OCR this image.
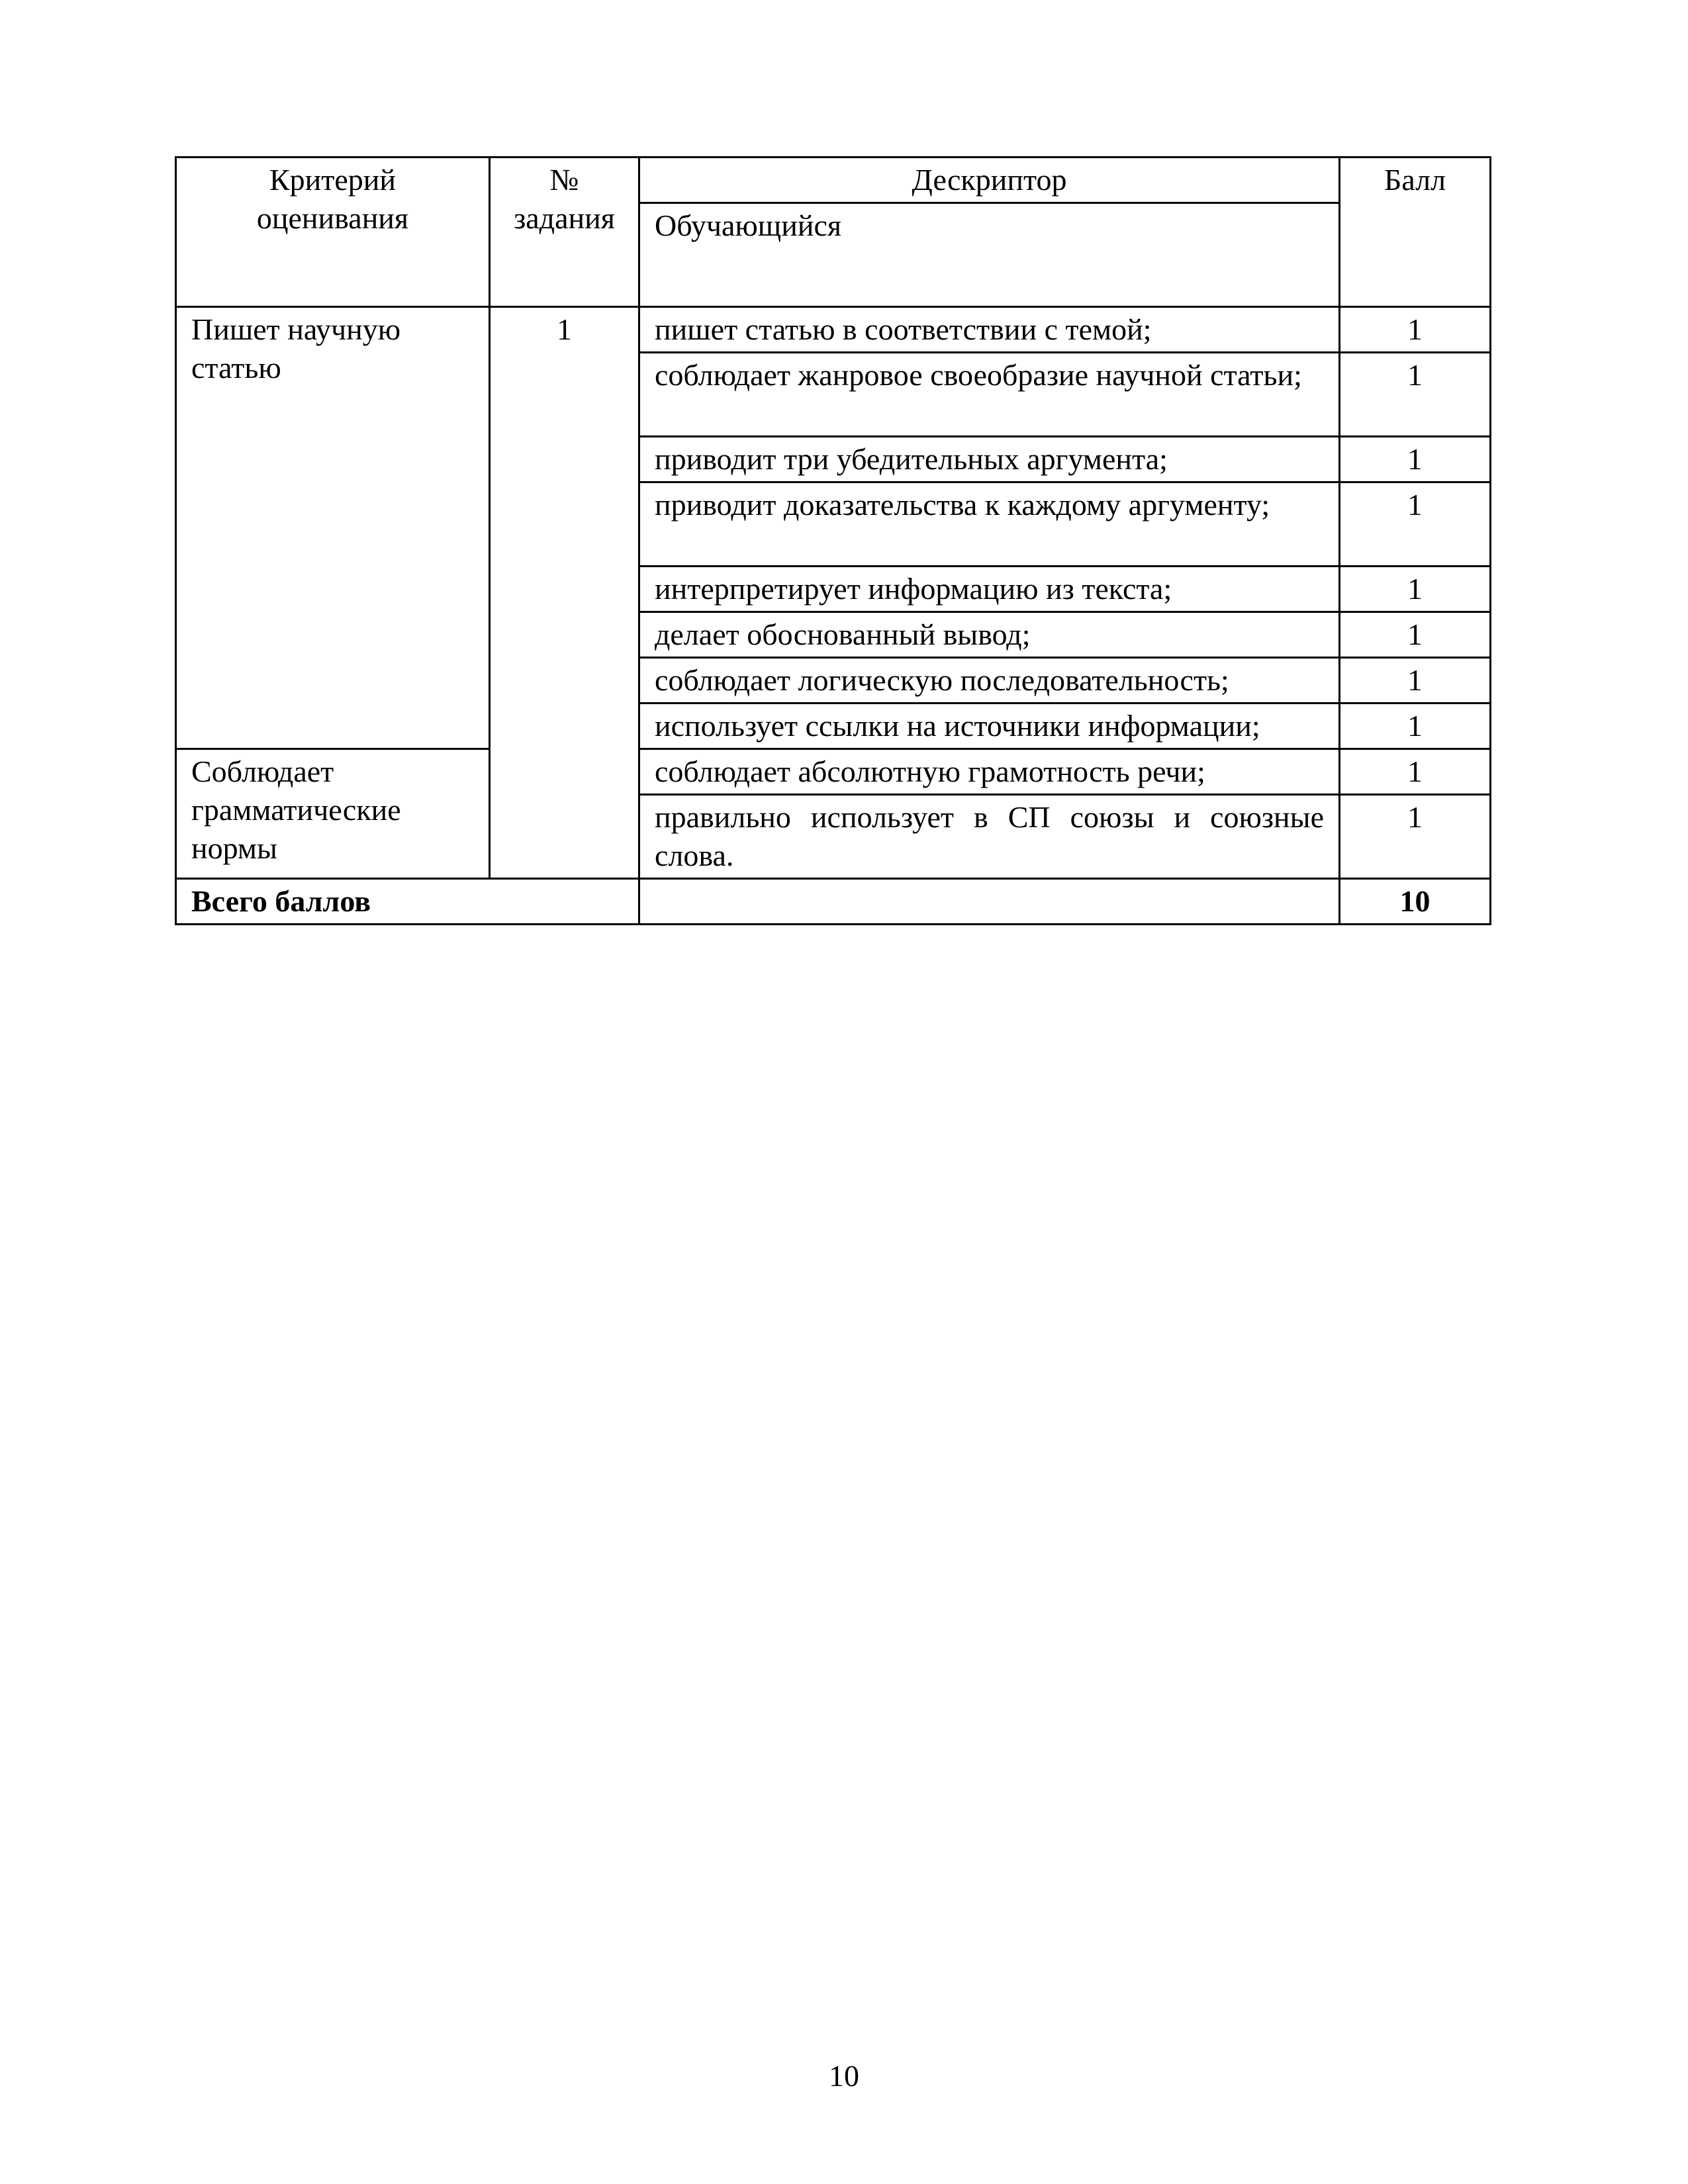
Критерий оценивания	№ задания	Дескриптор	Балл
		Обучающийся	
Пишет научную статью	1	пишет статью в соответствии с темой;	1
		соблюдает жанровое своеобразие научной статьи;	1
		приводит три убедительных аргумента;	1
		приводит доказательства к каждому аргументу;	1
		интерпретирует информацию из текста;	1
		делает обоснованный вывод;	1
		соблюдает логическую последовательность;	1
		использует ссылки на источники информации;	1
Соблюдает грамматические нормы		соблюдает абсолютную грамотность речи;	1
		правильно использует в СП союзы и союзные слова.	1
Всего баллов			10
10
